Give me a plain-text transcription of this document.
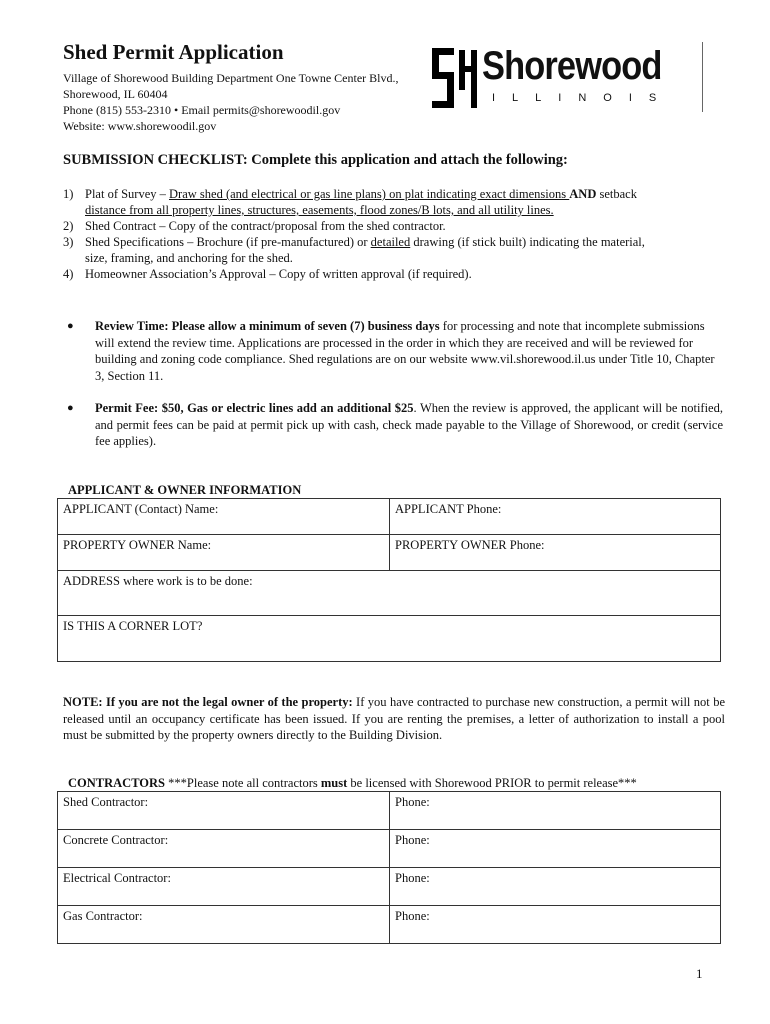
Shed Permit Application
Village of Shorewood Building Department One Towne Center Blvd.,
Shorewood, IL 60404
Phone (815) 553-2310 • Email permits@shorewoodil.gov
Website: www.shorewoodil.gov
Shorewood
ILLINOIS
SUBMISSION CHECKLIST: Complete this application and attach the following:
1) Plat of Survey – Draw shed (and electrical or gas line plans) on plat indicating exact dimensions AND setback
distance from all property lines, structures, easements, flood zones/B lots, and all utility lines.
2) Shed Contract – Copy of the contract/proposal from the shed contractor.
3) Shed Specifications – Brochure (if pre-manufactured) or detailed drawing (if stick built) indicating the material,
size, framing, and anchoring for the shed.
4) Homeowner Association’s Approval – Copy of written approval (if required).
●	Review Time: Please allow a minimum of seven (7) business days for processing and note that incomplete submissions will extend the review time. Applications are processed in the order in which they are received and will be reviewed for building and zoning code compliance. Shed regulations are on our website www.vil.shorewood.il.us under Title 10, Chapter 3, Section 11.
●	Permit Fee: $50, Gas or electric lines add an additional $25. When the review is approved, the applicant will be notified, and permit fees can be paid at permit pick up with cash, check made payable to the Village of Shorewood, or credit (service fee applies).
APPLICANT & OWNER INFORMATION
APPLICANT (Contact) Name:	APPLICANT Phone:
PROPERTY OWNER Name:	PROPERTY OWNER Phone:
ADDRESS where work is to be done:	
IS THIS A CORNER LOT?	
NOTE: If you are not the legal owner of the property: If you have contracted to purchase new construction, a permit will not be released until an occupancy certificate has been issued. If you are renting the premises, a letter of authorization to install a pool must be submitted by the property owners directly to the Building Division.
CONTRACTORS ***Please note all contractors must be licensed with Shorewood PRIOR to permit release***
Shed Contractor:	Phone:
Concrete Contractor:	Phone:
Electrical Contractor:	Phone:
Gas Contractor:	Phone:
1
